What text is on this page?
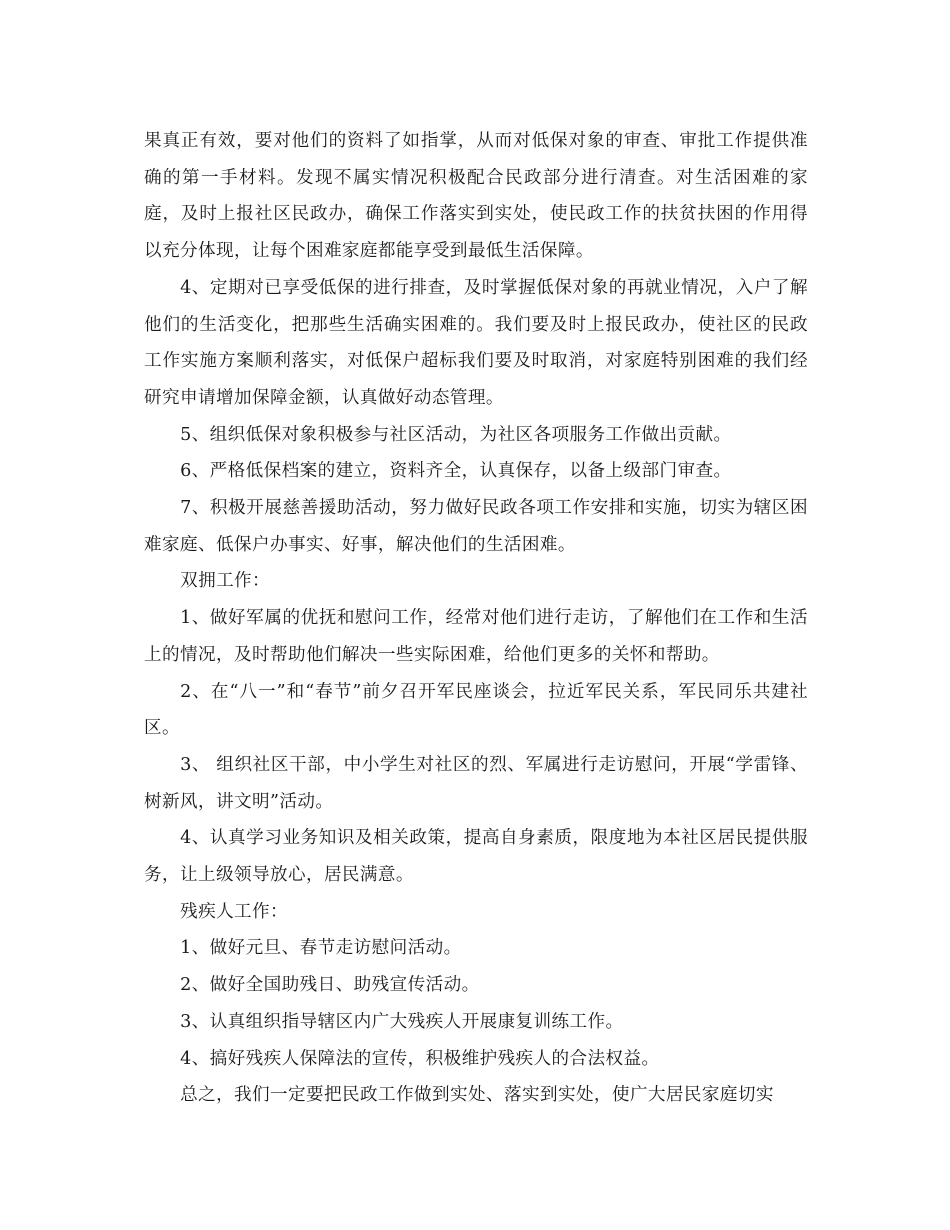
果真正有效，要对他们的资料了如指掌，从而对低保对象的审查、审批工作提供准确的第一手材料。发现不属实情况积极配合民政部分进行清查。对生活困难的家庭，及时上报社区民政办，确保工作落实到实处，使民政工作的扶贫扶困的作用得以充分体现，让每个困难家庭都能享受到最低生活保障。

4、定期对已享受低保的进行排查，及时掌握低保对象的再就业情况，入户了解他们的生活变化，把那些生活确实困难的。我们要及时上报民政办，使社区的民政工作实施方案顺利落实，对低保户超标我们要及时取消，对家庭特别困难的我们经研究申请增加保障金额，认真做好动态管理。

5、组织低保对象积极参与社区活动，为社区各项服务工作做出贡献。

6、严格低保档案的建立，资料齐全，认真保存，以备上级部门审查。

7、积极开展慈善援助活动，努力做好民政各项工作安排和实施，切实为辖区困难家庭、低保户办事实、好事，解决他们的生活困难。

双拥工作：

1、做好军属的优抚和慰问工作，经常对他们进行走访，了解他们在工作和生活上的情况，及时帮助他们解决一些实际困难，给他们更多的关怀和帮助。

2、在“八一”和“春节”前夕召开军民座谈会，拉近军民关系，军民同乐共建社区。

3、 组织社区干部，中小学生对社区的烈、军属进行走访慰问，开展“学雷锋、树新风，讲文明”活动。

4、认真学习业务知识及相关政策，提高自身素质，限度地为本社区居民提供服务，让上级领导放心，居民满意。

残疾人工作：

1、做好元旦、春节走访慰问活动。

2、做好全国助残日、助残宣传活动。

3、认真组织指导辖区内广大残疾人开展康复训练工作。

4、搞好残疾人保障法的宣传，积极维护残疾人的合法权益。

总之，我们一定要把民政工作做到实处、落实到实处，使广大居民家庭切实
